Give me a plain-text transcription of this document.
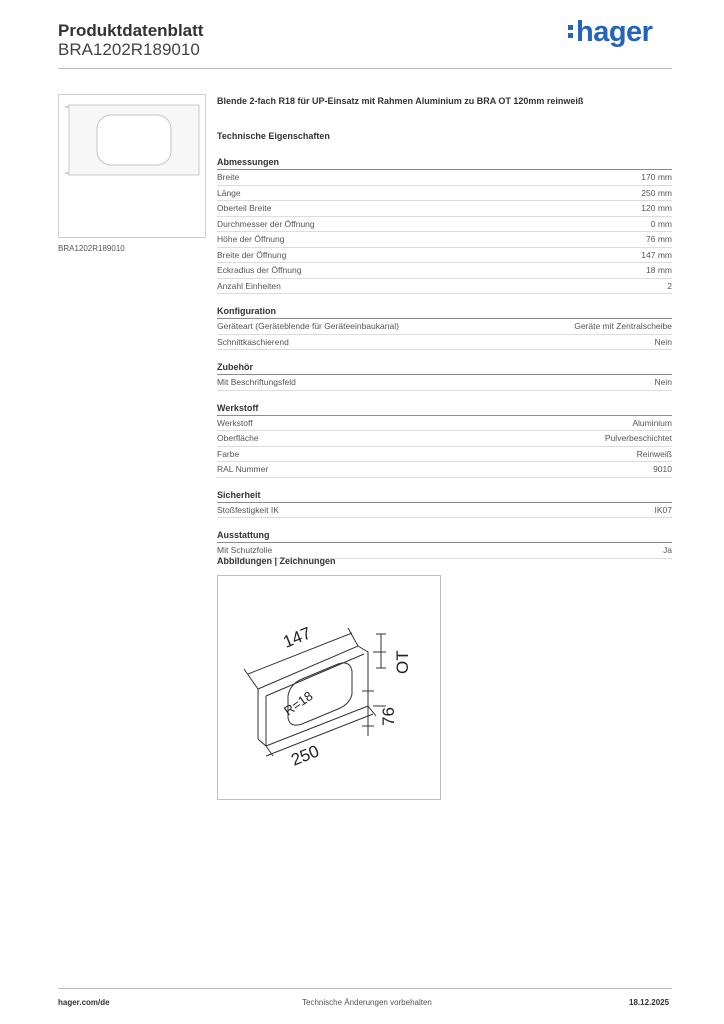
Produktdatenblatt
BRA1202R189010
hager
BRA1202R189010
Blende 2-fach R18 für UP-Einsatz mit Rahmen Aluminium zu BRA OT 120mm reinweiß
Technische Eigenschaften
Abmessungen
Breite	170 mm
Länge	250 mm
Oberteil Breite	120 mm
Durchmesser der Öffnung	0 mm
Höhe der Öffnung	76 mm
Breite der Öffnung	147 mm
Eckradius der Öffnung	18 mm
Anzahl Einheiten	2
Konfiguration
Geräteart (Geräteblende für Geräteeinbaukanal)	Geräte mit Zentralscheibe
Schnittkaschierend	Nein
Zubehör
Mit Beschriftungsfeld	Nein
Werkstoff
Werkstoff	Aluminium
Oberfläche	Pulverbeschichtet
Farbe	Reinweiß
RAL Nummer	9010
Sicherheit
Stoßfestigkeit IK	IK07
Ausstattung
Mit Schutzfolie	Ja
Abbildungen | Zeichnungen
147
OT
R=18	76
250
hager.com/de	Technische Änderungen vorbehalten	18.12.2025
